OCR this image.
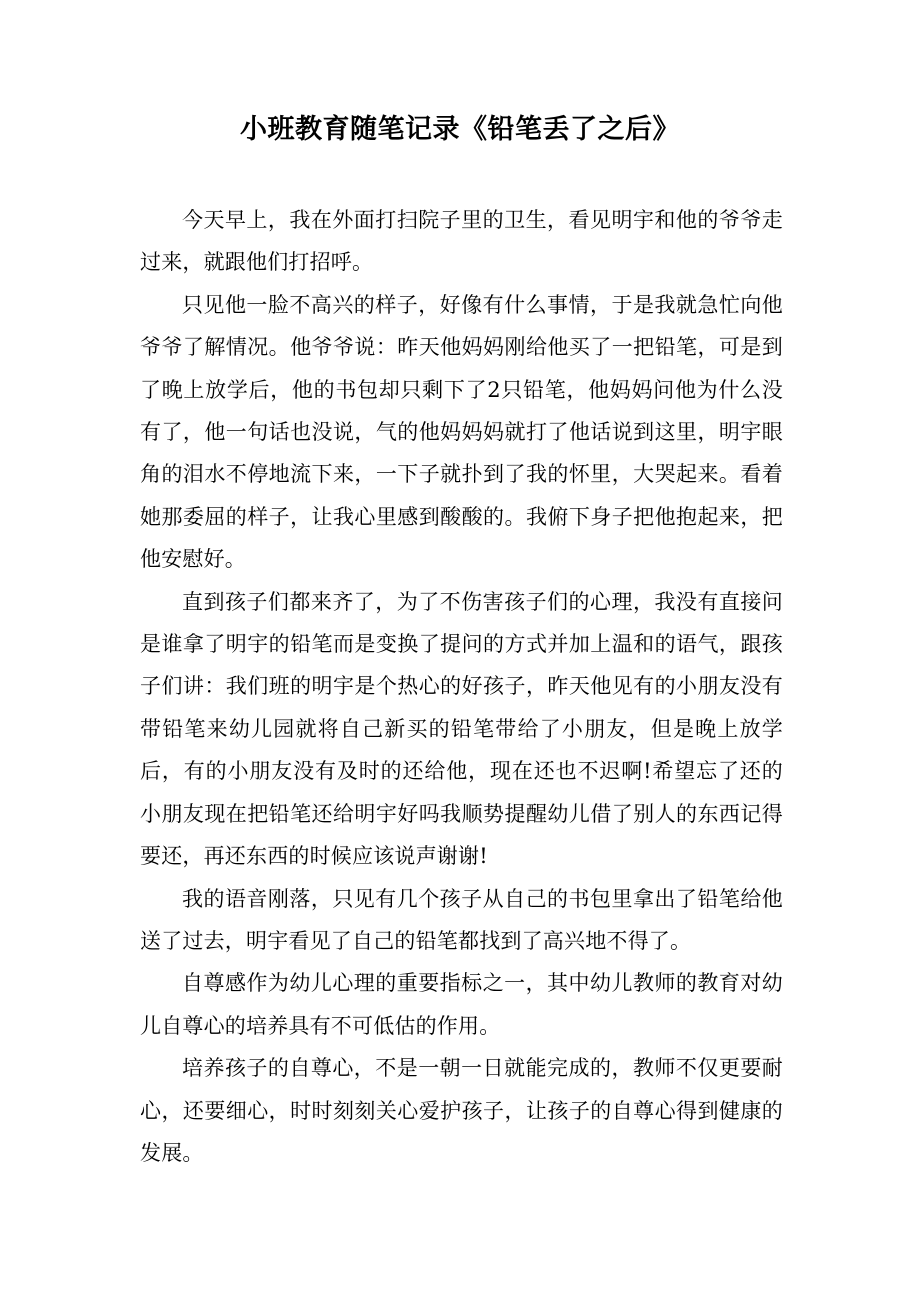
小班教育随笔记录《铅笔丢了之后》

今天早上，我在外面打扫院子里的卫生，看见明宇和他的爷爷走过来，就跟他们打招呼。

只见他一脸不高兴的样子，好像有什么事情，于是我就急忙向他爷爷了解情况。他爷爷说：昨天他妈妈刚给他买了一把铅笔，可是到了晚上放学后，他的书包却只剩下了2只铅笔，他妈妈问他为什么没有了，他一句话也没说，气的他妈妈妈就打了他话说到这里，明宇眼角的泪水不停地流下来，一下子就扑到了我的怀里，大哭起来。看着她那委屈的样子，让我心里感到酸酸的。我俯下身子把他抱起来，把他安慰好。

直到孩子们都来齐了，为了不伤害孩子们的心理，我没有直接问是谁拿了明宇的铅笔而是变换了提问的方式并加上温和的语气，跟孩子们讲：我们班的明宇是个热心的好孩子，昨天他见有的小朋友没有带铅笔来幼儿园就将自己新买的铅笔带给了小朋友，但是晚上放学后，有的小朋友没有及时的还给他，现在还也不迟啊!希望忘了还的小朋友现在把铅笔还给明宇好吗我顺势提醒幼儿借了别人的东西记得要还，再还东西的时候应该说声谢谢!

我的语音刚落，只见有几个孩子从自己的书包里拿出了铅笔给他送了过去，明宇看见了自己的铅笔都找到了高兴地不得了。

自尊感作为幼儿心理的重要指标之一，其中幼儿教师的教育对幼儿自尊心的培养具有不可低估的作用。

培养孩子的自尊心，不是一朝一日就能完成的，教师不仅更要耐心，还要细心，时时刻刻关心爱护孩子，让孩子的自尊心得到健康的发展。
